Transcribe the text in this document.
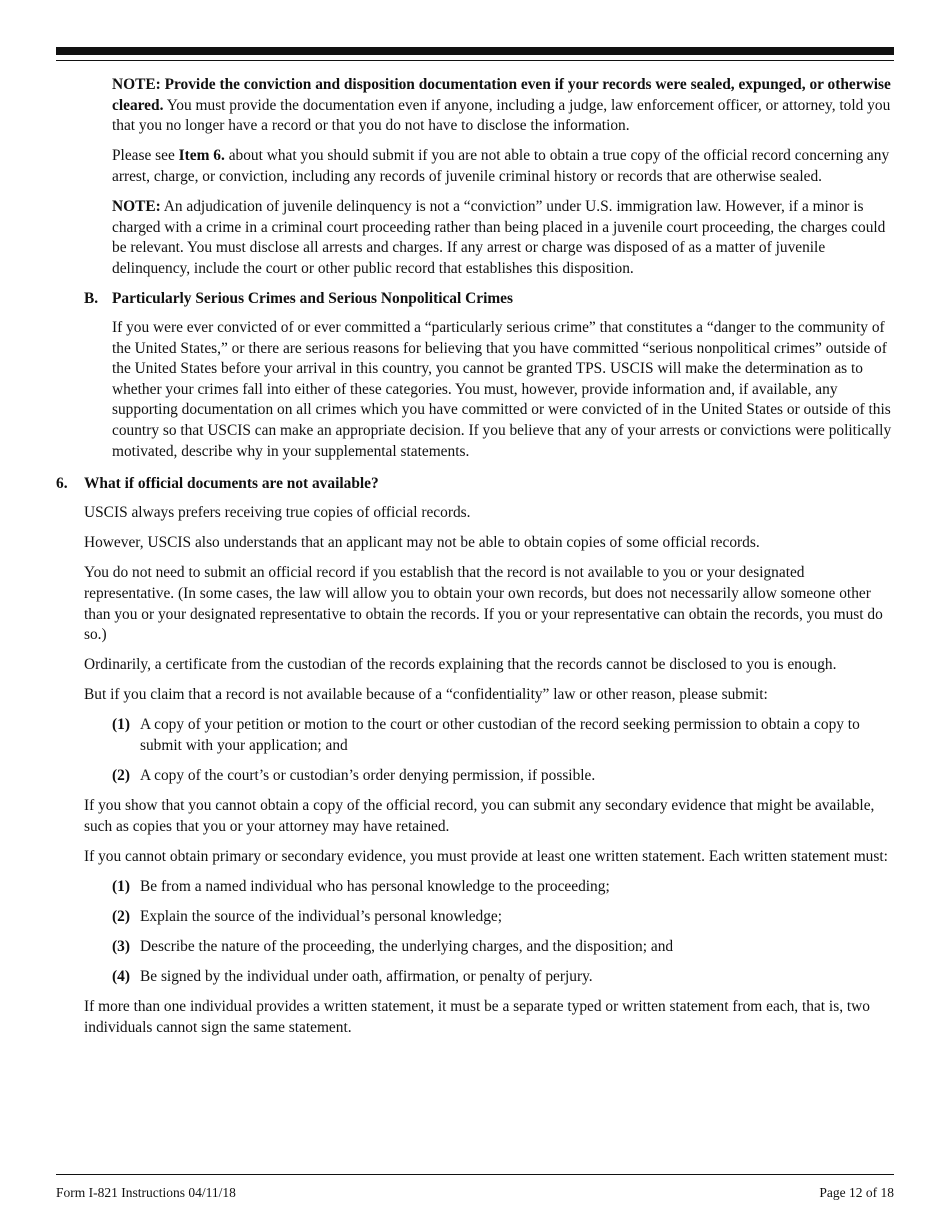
NOTE: Provide the conviction and disposition documentation even if your records were sealed, expunged, or otherwise cleared. You must provide the documentation even if anyone, including a judge, law enforcement officer, or attorney, told you that you no longer have a record or that you do not have to disclose the information.

Please see Item 6. about what you should submit if you are not able to obtain a true copy of the official record concerning any arrest, charge, or conviction, including any records of juvenile criminal history or records that are otherwise sealed.

NOTE: An adjudication of juvenile delinquency is not a “conviction” under U.S. immigration law. However, if a minor is charged with a crime in a criminal court proceeding rather than being placed in a juvenile court proceeding, the charges could be relevant. You must disclose all arrests and charges. If any arrest or charge was disposed of as a matter of juvenile delinquency, include the court or other public record that establishes this disposition.

B. Particularly Serious Crimes and Serious Nonpolitical Crimes

If you were ever convicted of or ever committed a “particularly serious crime” that constitutes a “danger to the community of the United States,” or there are serious reasons for believing that you have committed “serious nonpolitical crimes” outside of the United States before your arrival in this country, you cannot be granted TPS. USCIS will make the determination as to whether your crimes fall into either of these categories. You must, however, provide information and, if available, any supporting documentation on all crimes which you have committed or were convicted of in the United States or outside of this country so that USCIS can make an appropriate decision. If you believe that any of your arrests or convictions were politically motivated, describe why in your supplemental statements.

6. What if official documents are not available?

USCIS always prefers receiving true copies of official records.

However, USCIS also understands that an applicant may not be able to obtain copies of some official records.

You do not need to submit an official record if you establish that the record is not available to you or your designated representative. (In some cases, the law will allow you to obtain your own records, but does not necessarily allow someone other than you or your designated representative to obtain the records. If you or your representative can obtain the records, you must do so.)

Ordinarily, a certificate from the custodian of the records explaining that the records cannot be disclosed to you is enough.

But if you claim that a record is not available because of a “confidentiality” law or other reason, please submit:

(1) A copy of your petition or motion to the court or other custodian of the record seeking permission to obtain a copy to submit with your application; and
(2) A copy of the court’s or custodian’s order denying permission, if possible.

If you show that you cannot obtain a copy of the official record, you can submit any secondary evidence that might be available, such as copies that you or your attorney may have retained.

If you cannot obtain primary or secondary evidence, you must provide at least one written statement. Each written statement must:

(1) Be from a named individual who has personal knowledge to the proceeding;
(2) Explain the source of the individual’s personal knowledge;
(3) Describe the nature of the proceeding, the underlying charges, and the disposition; and
(4) Be signed by the individual under oath, affirmation, or penalty of perjury.

If more than one individual provides a written statement, it must be a separate typed or written statement from each, that is, two individuals cannot sign the same statement.

Form I-821 Instructions 04/11/18	Page 12 of 18
